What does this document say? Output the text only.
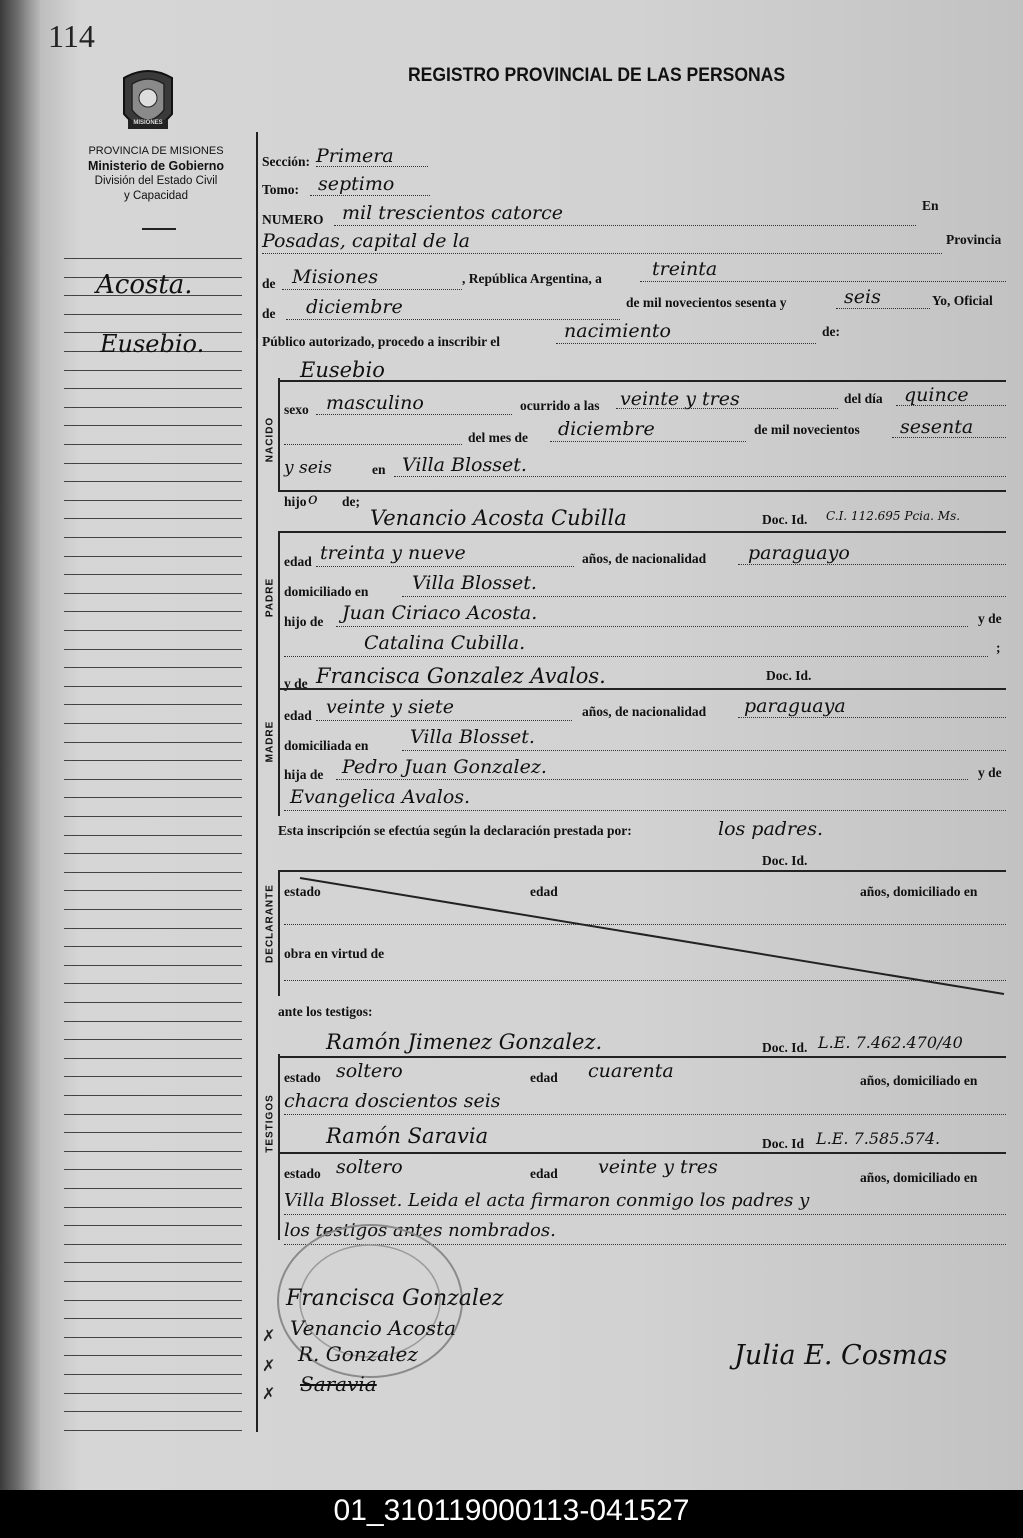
114
MISIONES
PROVINCIA DE MISIONES
Ministerio de Gobierno
División del Estado Civil
y Capacidad
REGISTRO PROVINCIAL DE LAS PERSONAS
Acosta.
Eusebio.
Sección: Primera
Tomo: septimo
NUMERO mil trescientos catorce	En
Posadas, capital de la	Provincia
de Misiones	, República Argentina, a	treinta
de diciembre	de mil novecientos sesenta y	seis	Yo, Oficial
Público autorizado, procedo a inscribir el	nacimiento	de:
NACIDO
Eusebio
sexo masculino	ocurrido a las veinte y tres	del día quince
del mes de diciembre	de mil novecientos sesenta
y seis	en Villa Blosset.
hijo o de;
PADRE
Venancio Acosta Cubilla	Doc. Id. C.I. 112.695 Pcia. Ms.
edad treinta y nueve	años, de nacionalidad paraguayo
domiciliado en Villa Blosset.
hijo de Juan Ciriaco Acosta.	y de
Catalina Cubilla.	;
MADRE
y de Francisca Gonzalez Avalos.	Doc. Id.
edad veinte y siete	años, de nacionalidad paraguaya
domiciliada en Villa Blosset.
hija de Pedro Juan Gonzalez.	y de
Evangelica Avalos.
Esta inscripción se efectúa según la declaración prestada por:	los padres.
DECLARANTE
Doc. Id.
estado	edad	años, domiciliado en
obra en virtud de
ante los testigos:
TESTIGOS
Ramón Jimenez Gonzalez.	Doc. Id. L.E. 7.462.470/40
estado soltero	edad cuarenta	años, domiciliado en
chacra doscientos seis
Ramón Saravia	Doc. Id L.E. 7.585.574.
estado soltero	edad veinte y tres	años, domiciliado en
Villa Blosset. Leida el acta firmaron conmigo los padres y
los testigos antes nombrados.
Francisca Gonzalez
Venancio Acosta
R. Gonzalez
Saravia
Julia E. Cosmas
✗
✗
✗
01_310119000113-041527
